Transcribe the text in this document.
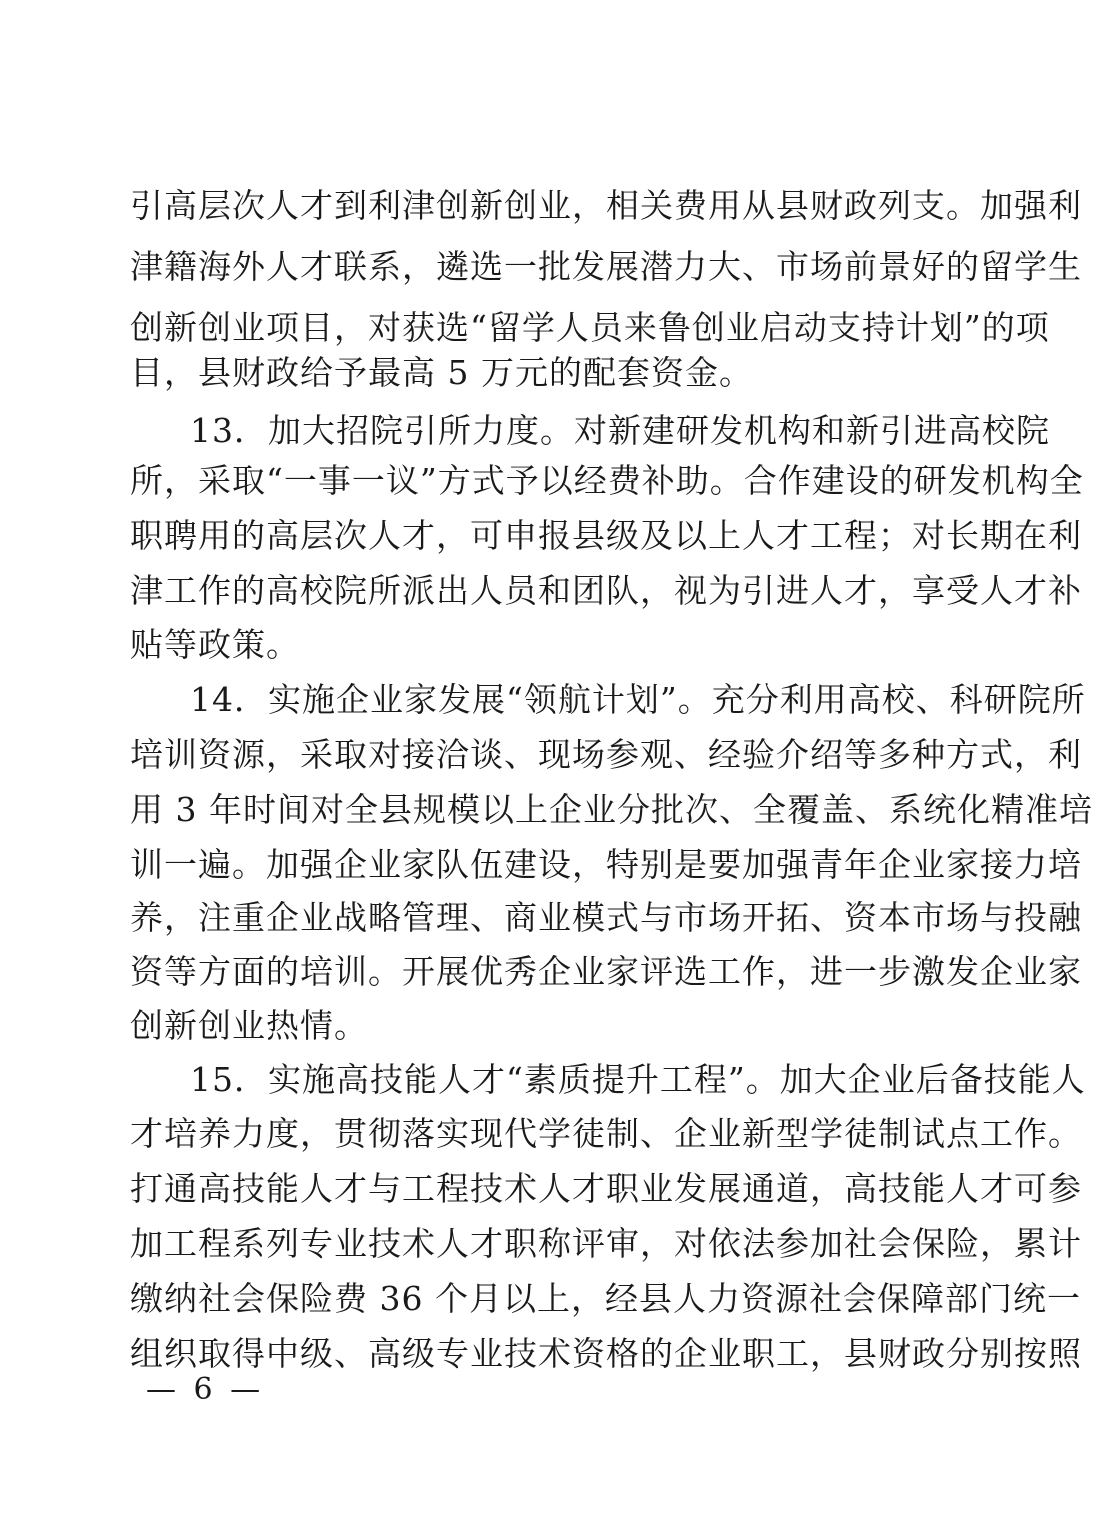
引高层次人才到利津创新创业，相关费用从县财政列支。加强利
津籍海外人才联系，遴选一批发展潜力大、市场前景好的留学生
创新创业项目，对获选“留学人员来鲁创业启动支持计划”的项
目，县财政给予最高 5 万元的配套资金。
13．加大招院引所力度。对新建研发机构和新引进高校院
所，采取“一事一议”方式予以经费补助。合作建设的研发机构全
职聘用的高层次人才，可申报县级及以上人才工程；对长期在利
津工作的高校院所派出人员和团队，视为引进人才，享受人才补
贴等政策。
14．实施企业家发展“领航计划”。充分利用高校、科研院所
培训资源，采取对接洽谈、现场参观、经验介绍等多种方式，利
用 3 年时间对全县规模以上企业分批次、全覆盖、系统化精准培
训一遍。加强企业家队伍建设，特别是要加强青年企业家接力培
养，注重企业战略管理、商业模式与市场开拓、资本市场与投融
资等方面的培训。开展优秀企业家评选工作，进一步激发企业家
创新创业热情。
15．实施高技能人才“素质提升工程”。加大企业后备技能人
才培养力度，贯彻落实现代学徒制、企业新型学徒制试点工作。
打通高技能人才与工程技术人才职业发展通道，高技能人才可参
加工程系列专业技术人才职称评审，对依法参加社会保险，累计
缴纳社会保险费 36 个月以上，经县人力资源社会保障部门统一
组织取得中级、高级专业技术资格的企业职工，县财政分别按照
— 6 —
